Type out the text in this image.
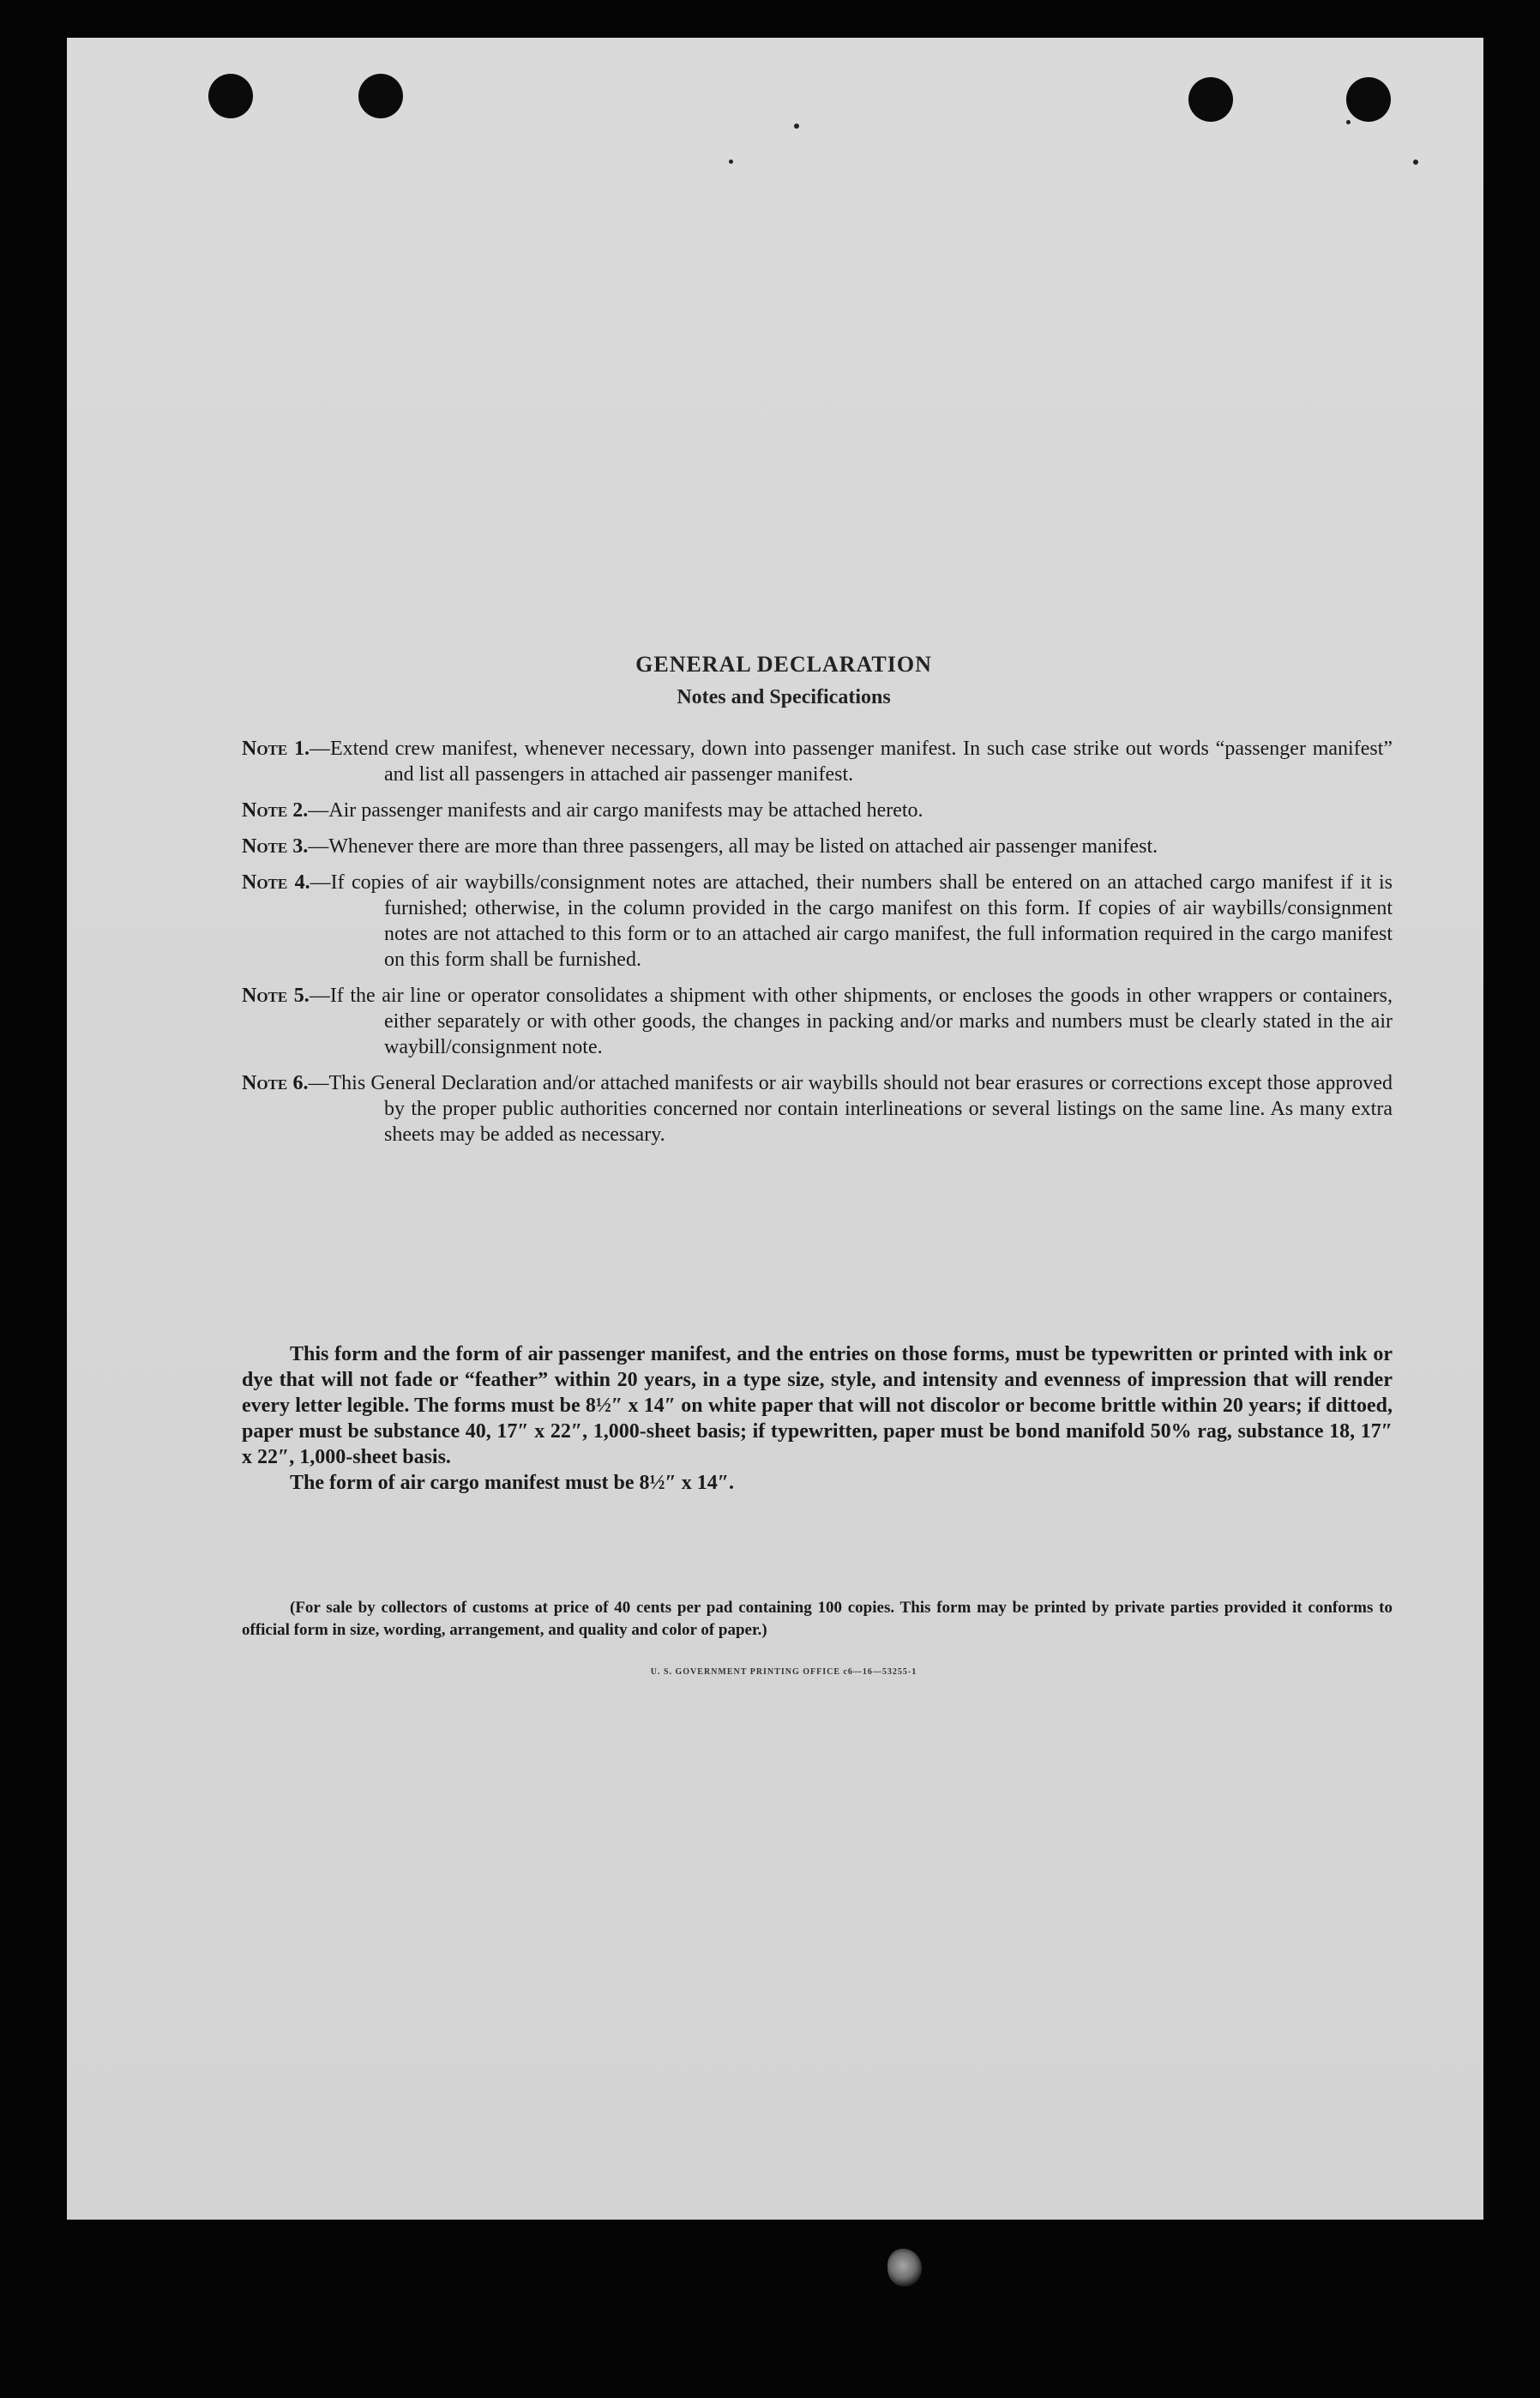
GENERAL DECLARATION
Notes and Specifications
Note 1.—Extend crew manifest, whenever necessary, down into passenger manifest. In such case strike out words “passenger manifest” and list all passengers in attached air passenger manifest.
Note 2.—Air passenger manifests and air cargo manifests may be attached hereto.
Note 3.—Whenever there are more than three passengers, all may be listed on attached air passenger manifest.
Note 4.—If copies of air waybills/consignment notes are attached, their numbers shall be entered on an attached cargo manifest if it is furnished; otherwise, in the column provided in the cargo manifest on this form. If copies of air waybills/consignment notes are not attached to this form or to an attached air cargo manifest, the full information required in the cargo manifest on this form shall be furnished.
Note 5.—If the air line or operator consolidates a shipment with other shipments, or encloses the goods in other wrappers or containers, either separately or with other goods, the changes in packing and/or marks and numbers must be clearly stated in the air waybill/consignment note.
Note 6.—This General Declaration and/or attached manifests or air waybills should not bear erasures or corrections except those approved by the proper public authorities concerned nor contain interlineations or several listings on the same line. As many extra sheets may be added as necessary.

This form and the form of air passenger manifest, and the entries on those forms, must be typewritten or printed with ink or dye that will not fade or “feather” within 20 years, in a type size, style, and intensity and evenness of impression that will render every letter legible. The forms must be 8½″ x 14″ on white paper that will not discolor or become brittle within 20 years; if dittoed, paper must be substance 40, 17″ x 22″, 1,000-sheet basis; if typewritten, paper must be bond manifold 50% rag, substance 18, 17″ x 22″, 1,000-sheet basis.

The form of air cargo manifest must be 8½″ x 14″.

(For sale by collectors of customs at price of 40 cents per pad containing 100 copies. This form may be printed by private parties provided it conforms to official form in size, wording, arrangement, and quality and color of paper.)

U. S. GOVERNMENT PRINTING OFFICE c6—16—53255-1
